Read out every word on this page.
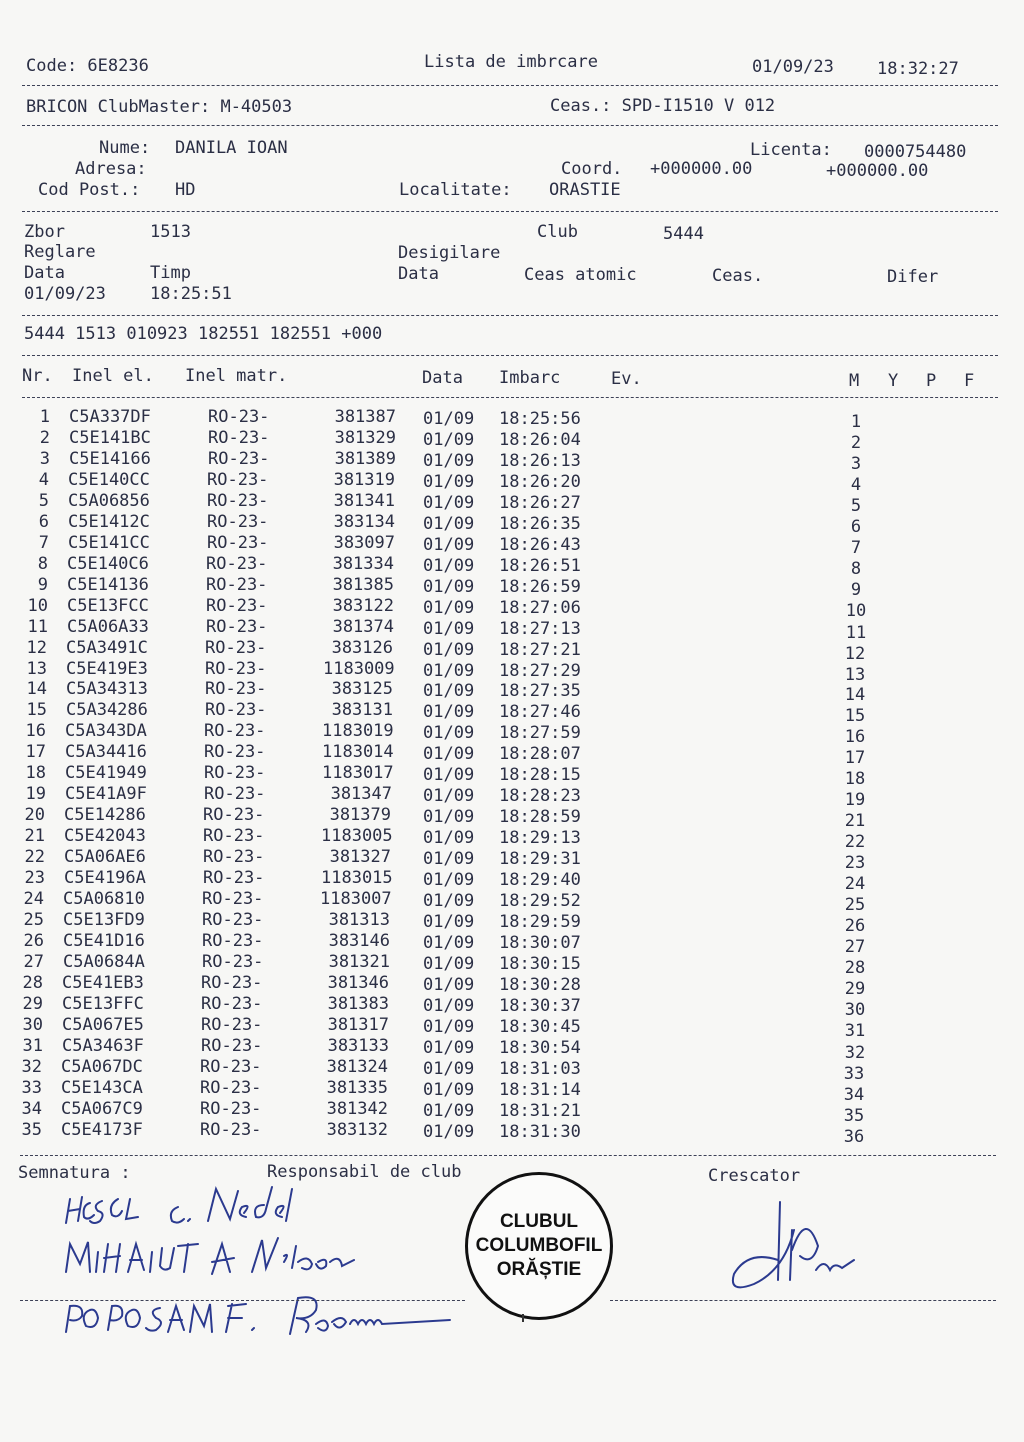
Code: 6E8236	Lista de imbrcare	01/09/23	18:32:27
BRICON ClubMaster: M-40503	Ceas.: SPD-I1510 V 012
Nume: DANILA IOAN	Licenta: 0000754480
Adresa:	Coord. +000000.00	+000000.00
Cod Post.: HD	Localitate: ORASTIE
Zbor	1513	Club	5444
Reglare	Desigilare
Data	Timp	Data	Ceas atomic	Ceas.	Difer
01/09/23	18:25:51
5444 1513 010923 182551 182551 +000
Nr. Inel el. Inel matr.	Data Imbarc	Ev.	M Y P F
1 C5A337DF	RO-23-	381387 01/09 18:25:56	1
2 C5E141BC	RO-23-	381329 01/09 18:26:04	2
3 C5E14166	RO-23-	381389 01/09 18:26:13	3
4 C5E140CC	RO-23-	381319 01/09 18:26:20	4
5 C5A06856	RO-23-	381341 01/09 18:26:27	5
6 C5E1412C	RO-23-	383134 01/09 18:26:35	6
7 C5E141CC	RO-23-	383097 01/09 18:26:43	7
8 C5E140C6	RO-23-	381334 01/09 18:26:51	8
9 C5E14136	RO-23-	381385 01/09 18:26:59	9
10 C5E13FCC	RO-23-	383122 01/09 18:27:06	10
11 C5A06A33	RO-23-	381374 01/09 18:27:13	11
12 C5A3491C	RO-23-	383126 01/09 18:27:21	12
13 C5E419E3	RO-23-	1183009 01/09 18:27:29	13
14 C5A34313	RO-23-	383125 01/09 18:27:35	14
15 C5A34286	RO-23-	383131 01/09 18:27:46	15
16 C5A343DA	RO-23-	1183019 01/09 18:27:59	16
17 C5A34416	RO-23-	1183014 01/09 18:28:07	17
18 C5E41949	RO-23-	1183017 01/09 18:28:15	18
19 C5E41A9F	RO-23-	381347 01/09 18:28:23	19
20 C5E14286	RO-23-	381379 01/09 18:28:59	21
21 C5E42043	RO-23-	1183005 01/09 18:29:13	22
22 C5A06AE6	RO-23-	381327 01/09 18:29:31	23
23 C5E4196A	RO-23-	1183015 01/09 18:29:40	24
24 C5A06810	RO-23-	1183007 01/09 18:29:52	25
25 C5E13FD9	RO-23-	381313 01/09 18:29:59	26
26 C5E41D16	RO-23-	383146 01/09 18:30:07	27
27 C5A0684A	RO-23-	381321 01/09 18:30:15	28
28 C5E41EB3	RO-23-	381346 01/09 18:30:28	29
29 C5E13FFC	RO-23-	381383 01/09 18:30:37	30
30 C5A067E5	RO-23-	381317 01/09 18:30:45	31
31 C5A3463F	RO-23-	383133 01/09 18:30:54	32
32 C5A067DC	RO-23-	381324 01/09 18:31:03	33
33 C5E143CA	RO-23-	381335 01/09 18:31:14	34
34 C5A067C9	RO-23-	381342 01/09 18:31:21	35
35 C5E4173F	RO-23-	383132 01/09 18:31:30	36
Semnatura :	Responsabil de club	Crescator
CLUBUL
COLUMBOFIL
ORĂȘTIE
